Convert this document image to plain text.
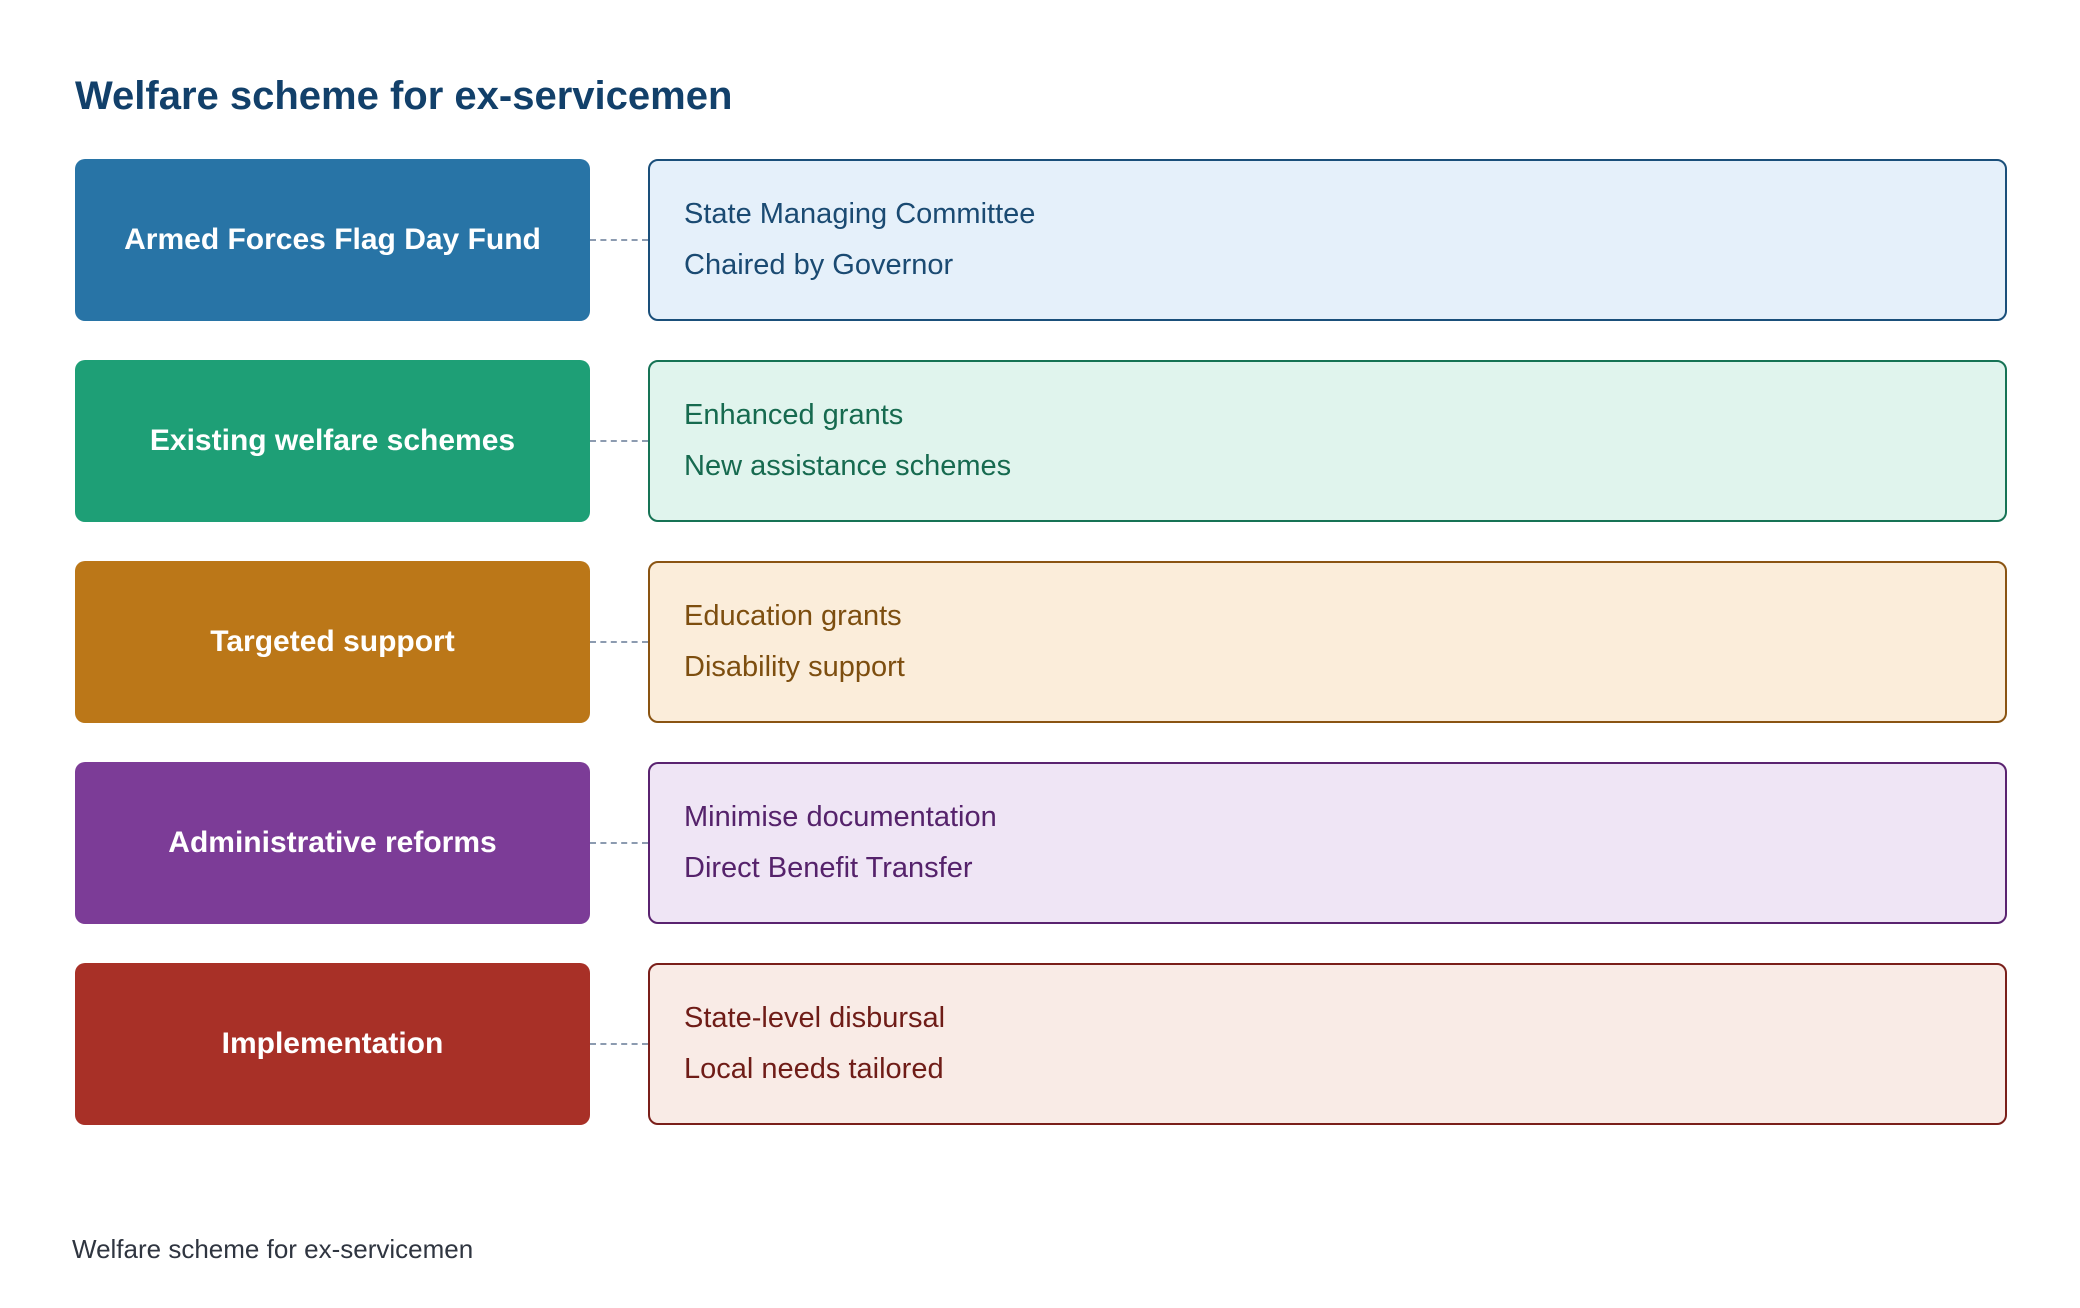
Welfare scheme for ex-servicemen
Armed Forces Flag Day Fund
State Managing Committee
Chaired by Governor
Existing welfare schemes
Enhanced grants
New assistance schemes
Targeted support
Education grants
Disability support
Administrative reforms
Minimise documentation
Direct Benefit Transfer
Implementation
State-level disbursal
Local needs tailored
Welfare scheme for ex-servicemen
